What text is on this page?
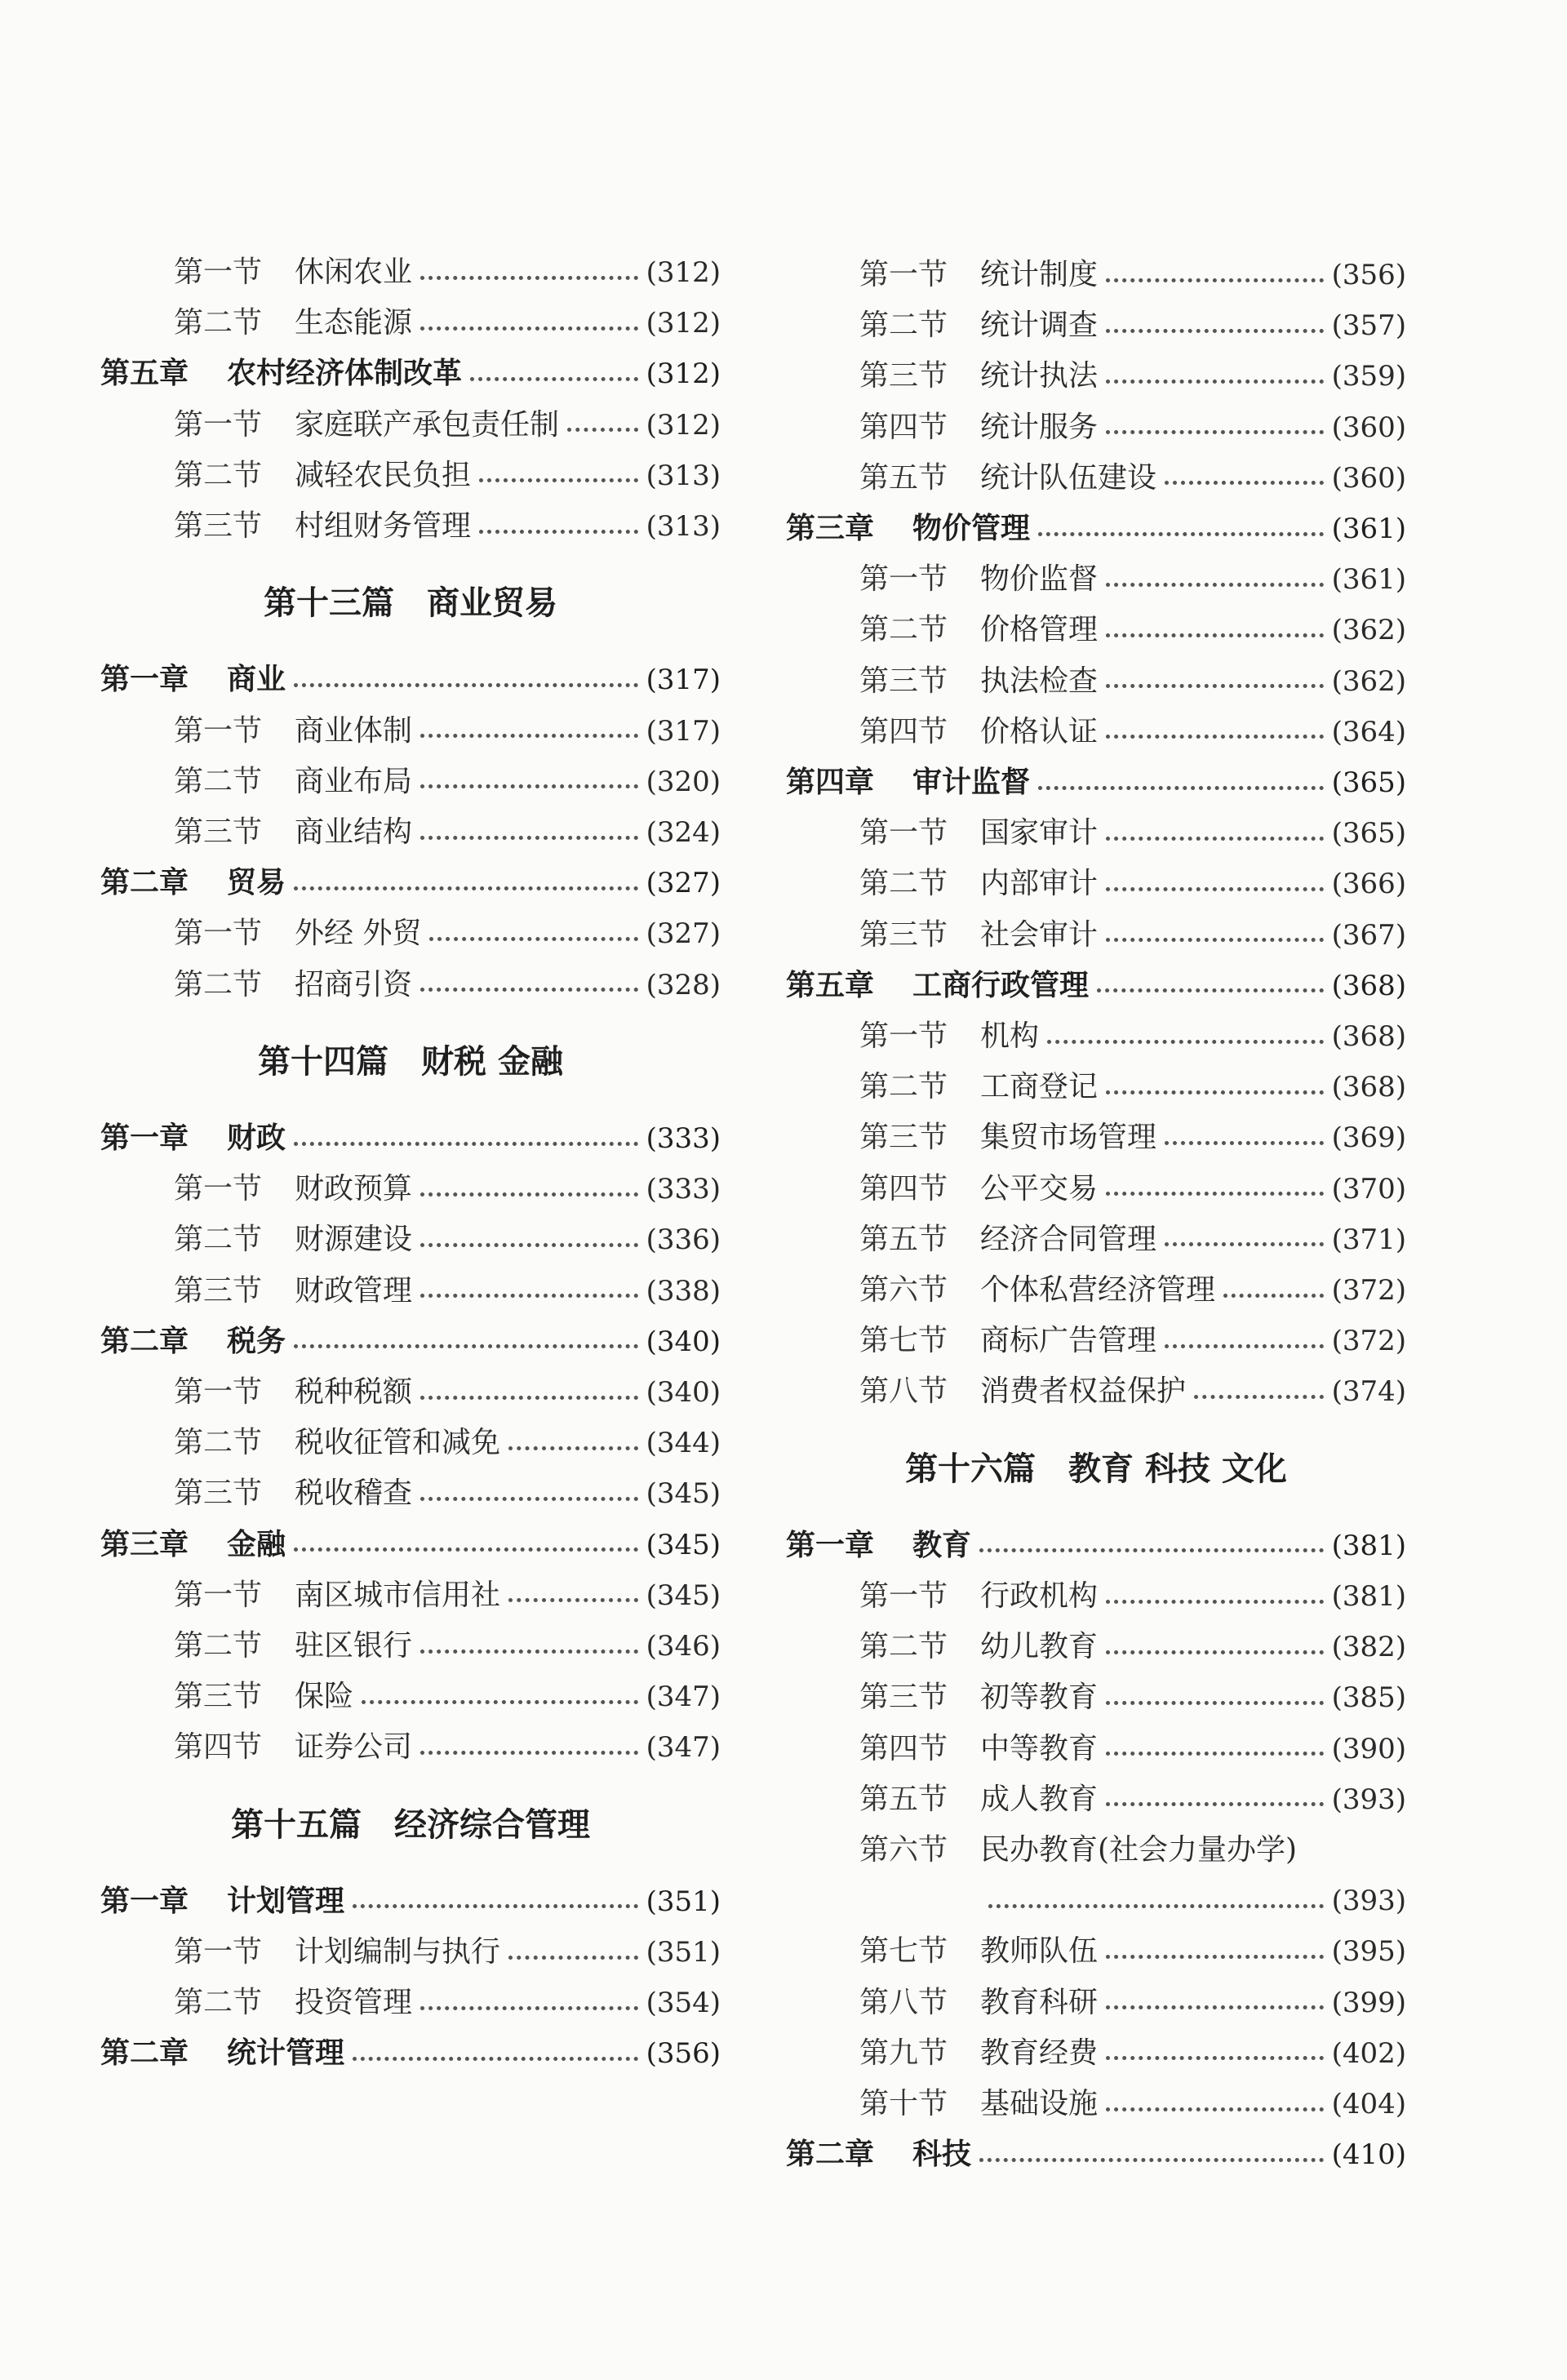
第一节	休闲农业	(312)
第二节	生态能源	(312)
第五章	农村经济体制改革	(312)
第一节	家庭联产承包责任制	(312)
第二节	减轻农民负担	(313)
第三节	村组财务管理	(313)
第十三篇　商业贸易
第一章	商业	(317)
第一节	商业体制	(317)
第二节	商业布局	(320)
第三节	商业结构	(324)
第二章	贸易	(327)
第一节	外经 外贸	(327)
第二节	招商引资	(328)
第十四篇　财税 金融
第一章	财政	(333)
第一节	财政预算	(333)
第二节	财源建设	(336)
第三节	财政管理	(338)
第二章	税务	(340)
第一节	税种税额	(340)
第二节	税收征管和减免	(344)
第三节	税收稽查	(345)
第三章	金融	(345)
第一节	南区城市信用社	(345)
第二节	驻区银行	(346)
第三节	保险	(347)
第四节	证券公司	(347)
第十五篇　经济综合管理
第一章	计划管理	(351)
第一节	计划编制与执行	(351)
第二节	投资管理	(354)
第二章	统计管理	(356)
第一节	统计制度	(356)
第二节	统计调查	(357)
第三节	统计执法	(359)
第四节	统计服务	(360)
第五节	统计队伍建设	(360)
第三章	物价管理	(361)
第一节	物价监督	(361)
第二节	价格管理	(362)
第三节	执法检查	(362)
第四节	价格认证	(364)
第四章	审计监督	(365)
第一节	国家审计	(365)
第二节	内部审计	(366)
第三节	社会审计	(367)
第五章	工商行政管理	(368)
第一节	机构	(368)
第二节	工商登记	(368)
第三节	集贸市场管理	(369)
第四节	公平交易	(370)
第五节	经济合同管理	(371)
第六节	个体私营经济管理	(372)
第七节	商标广告管理	(372)
第八节	消费者权益保护	(374)
第十六篇　教育 科技 文化
第一章	教育	(381)
第一节	行政机构	(381)
第二节	幼儿教育	(382)
第三节	初等教育	(385)
第四节	中等教育	(390)
第五节	成人教育	(393)
第六节	民办教育(社会力量办学)
(393)
第七节	教师队伍	(395)
第八节	教育科研	(399)
第九节	教育经费	(402)
第十节	基础设施	(404)
第二章	科技	(410)
